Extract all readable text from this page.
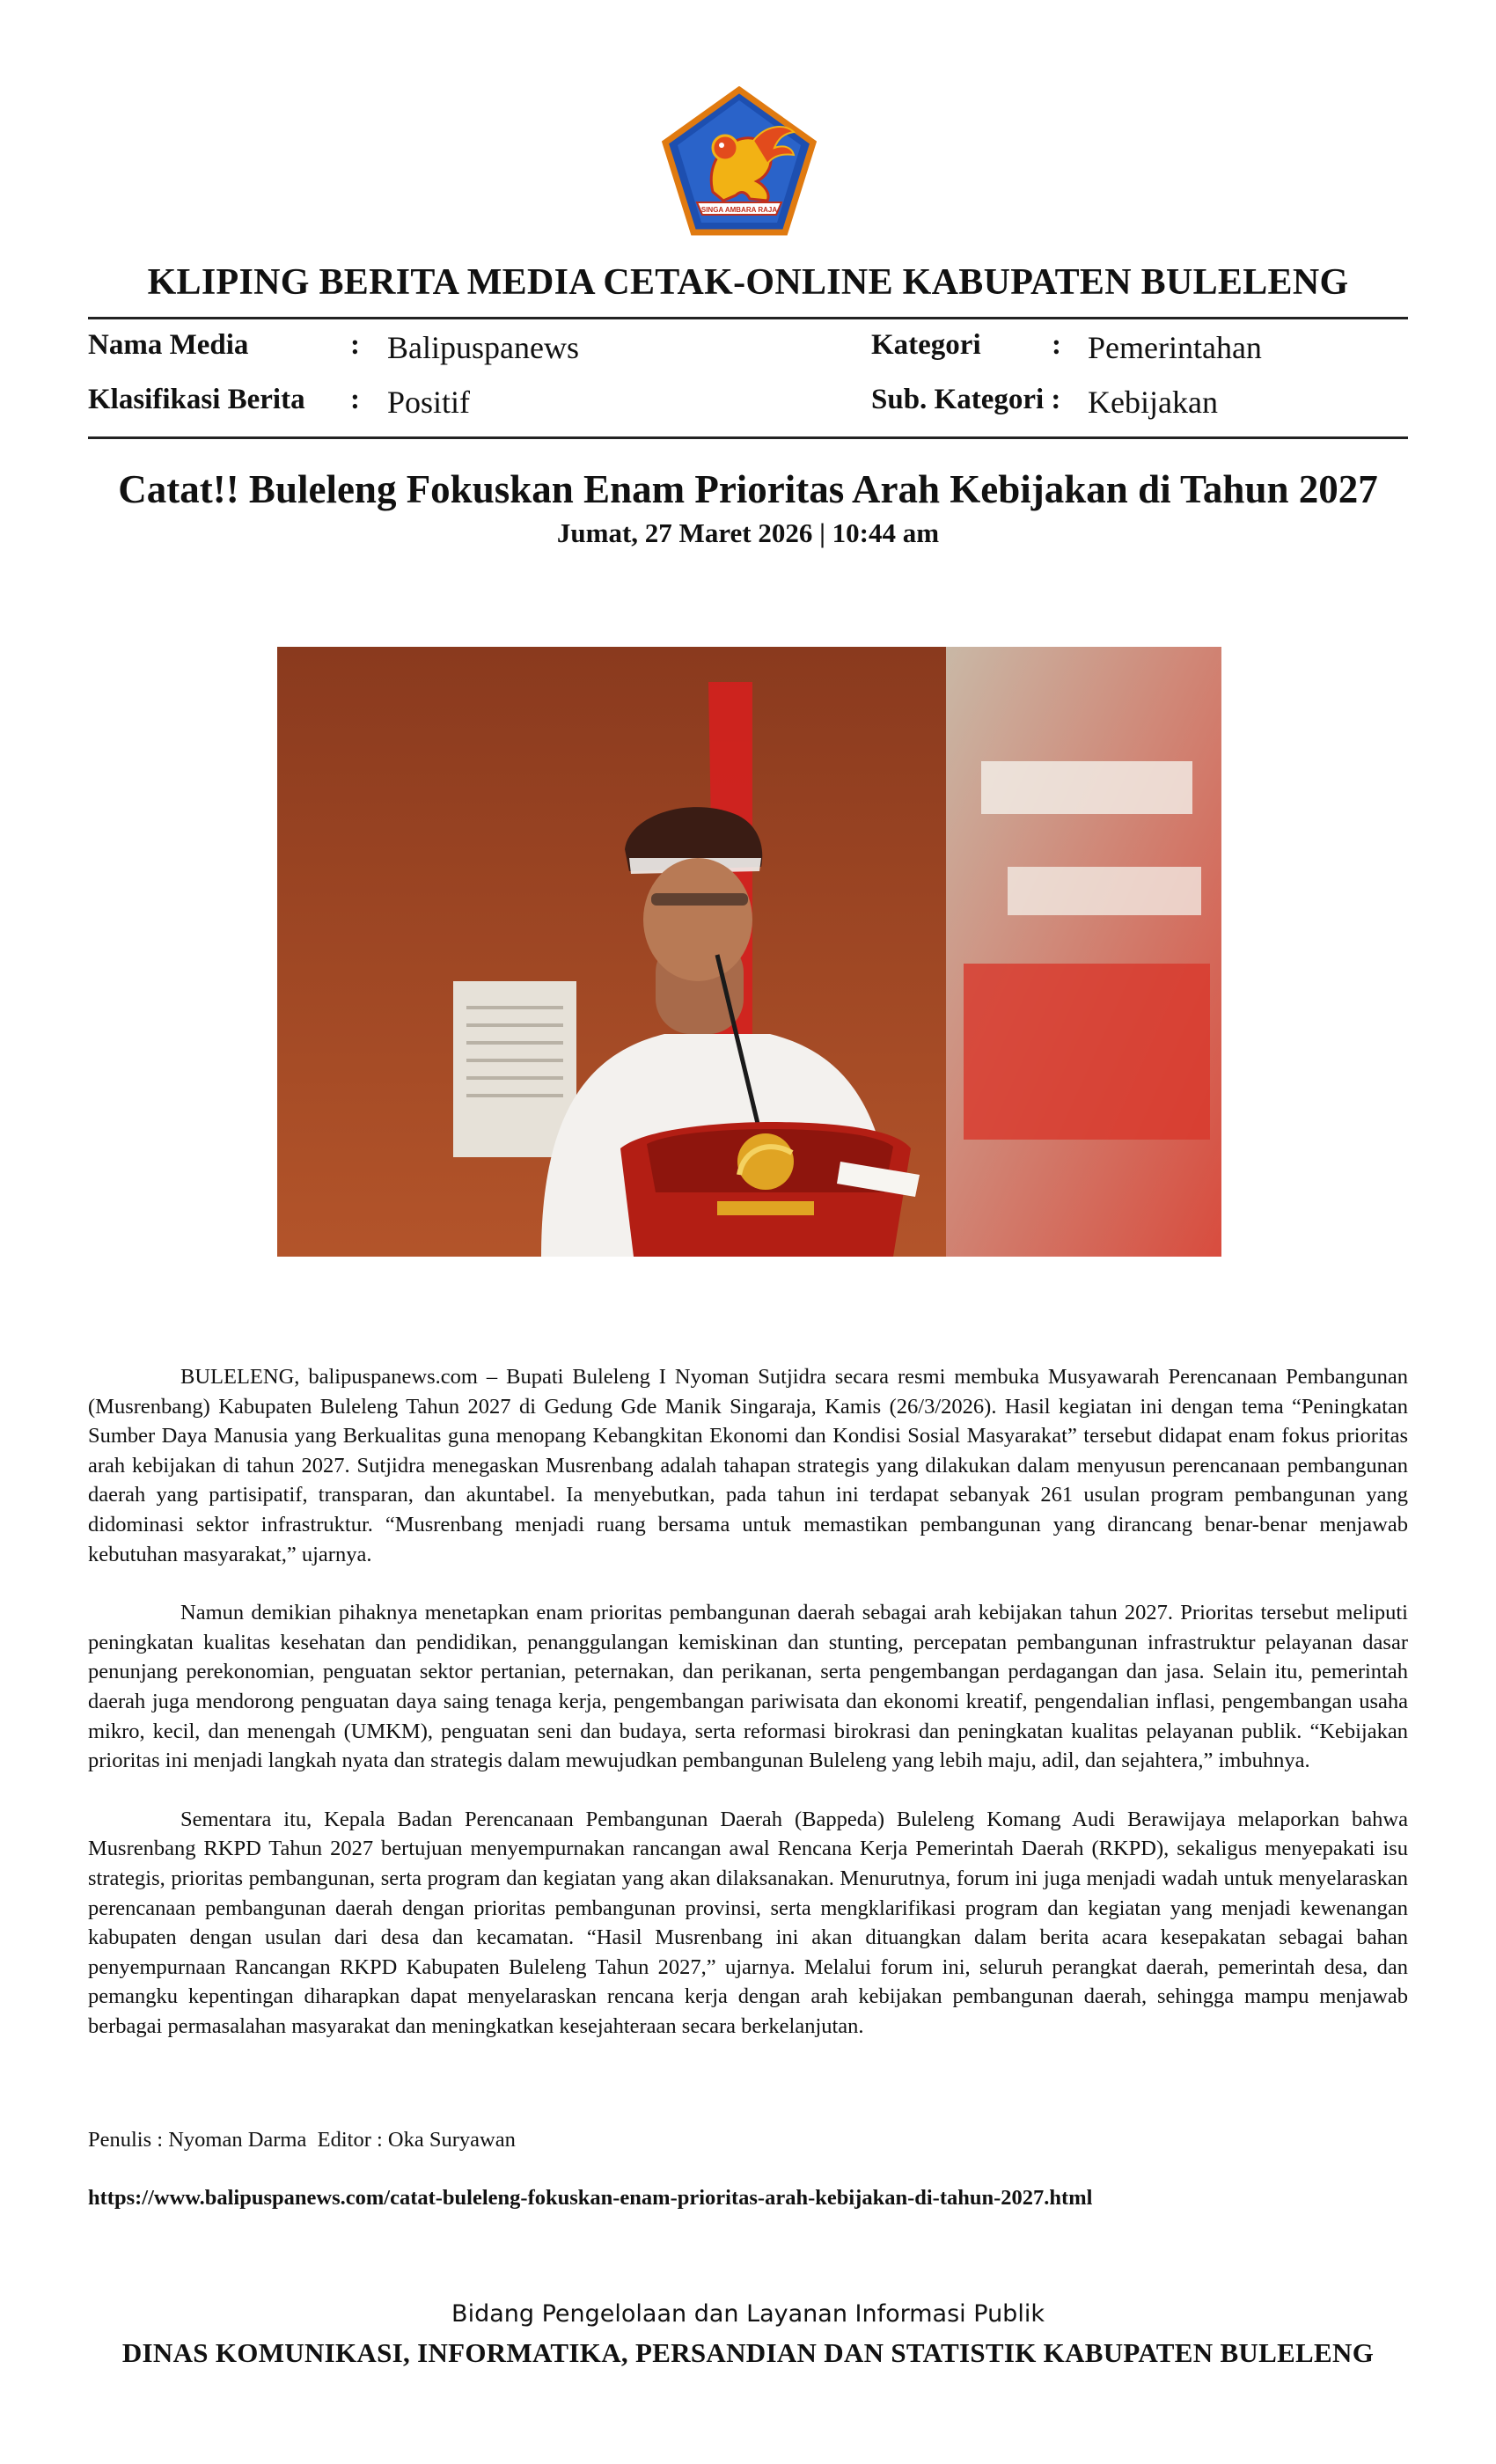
SINGA AMBARA RAJA
KLIPING BERITA MEDIA CETAK-ONLINE KABUPATEN BULELENG
Nama Media	: Balipuspanews	Kategori : Pemerintahan
Klasifikasi Berita : Positif	Sub. Kategori : Kebijakan
Catat!! Buleleng Fokuskan Enam Prioritas Arah Kebijakan di Tahun 2027
Jumat, 27 Maret 2026 | 10:44 am

BULELENG, balipuspanews.com – Bupati Buleleng I Nyoman Sutjidra secara resmi membuka Musyawarah Perencanaan Pembangunan (Musrenbang) Kabupaten Buleleng Tahun 2027 di Gedung Gde Manik Singaraja, Kamis (26/3/2026). Hasil kegiatan ini dengan tema “Peningkatan Sumber Daya Manusia yang Berkualitas guna menopang Kebangkitan Ekonomi dan Kondisi Sosial Masyarakat” tersebut didapat enam fokus prioritas arah kebijakan di tahun 2027. Sutjidra menegaskan Musrenbang adalah tahapan strategis yang dilakukan dalam menyusun perencanaan pembangunan daerah yang partisipatif, transparan, dan akuntabel. Ia menyebutkan, pada tahun ini terdapat sebanyak 261 usulan program pembangunan yang didominasi sektor infrastruktur. “Musrenbang menjadi ruang bersama untuk memastikan pembangunan yang dirancang benar-benar menjawab kebutuhan masyarakat,” ujarnya.

Namun demikian pihaknya menetapkan enam prioritas pembangunan daerah sebagai arah kebijakan tahun 2027. Prioritas tersebut meliputi peningkatan kualitas kesehatan dan pendidikan, penanggulangan kemiskinan dan stunting, percepatan pembangunan infrastruktur pelayanan dasar penunjang perekonomian, penguatan sektor pertanian, peternakan, dan perikanan, serta pengembangan perdagangan dan jasa. Selain itu, pemerintah daerah juga mendorong penguatan daya saing tenaga kerja, pengembangan pariwisata dan ekonomi kreatif, pengendalian inflasi, pengembangan usaha mikro, kecil, dan menengah (UMKM), penguatan seni dan budaya, serta reformasi birokrasi dan peningkatan kualitas pelayanan publik. “Kebijakan prioritas ini menjadi langkah nyata dan strategis dalam mewujudkan pembangunan Buleleng yang lebih maju, adil, dan sejahtera,” imbuhnya.

Sementara itu, Kepala Badan Perencanaan Pembangunan Daerah (Bappeda) Buleleng Komang Audi Berawijaya melaporkan bahwa Musrenbang RKPD Tahun 2027 bertujuan menyempurnakan rancangan awal Rencana Kerja Pemerintah Daerah (RKPD), sekaligus menyepakati isu strategis, prioritas pembangunan, serta program dan kegiatan yang akan dilaksanakan. Menurutnya, forum ini juga menjadi wadah untuk menyelaraskan perencanaan pembangunan daerah dengan prioritas pembangunan provinsi, serta mengklarifikasi program dan kegiatan yang menjadi kewenangan kabupaten dengan usulan dari desa dan kecamatan. “Hasil Musrenbang ini akan dituangkan dalam berita acara kesepakatan sebagai bahan penyempurnaan Rancangan RKPD Kabupaten Buleleng Tahun 2027,” ujarnya. Melalui forum ini, seluruh perangkat daerah, pemerintah desa, dan pemangku kepentingan diharapkan dapat menyelaraskan rencana kerja dengan arah kebijakan pembangunan daerah, sehingga mampu menjawab berbagai permasalahan masyarakat dan meningkatkan kesejahteraan secara berkelanjutan.

Penulis : Nyoman Darma  Editor : Oka Suryawan
https://www.balipuspanews.com/catat-buleleng-fokuskan-enam-prioritas-arah-kebijakan-di-tahun-2027.html
Bidang Pengelolaan dan Layanan Informasi Publik
DINAS KOMUNIKASI, INFORMATIKA, PERSANDIAN DAN STATISTIK KABUPATEN BULELENG
